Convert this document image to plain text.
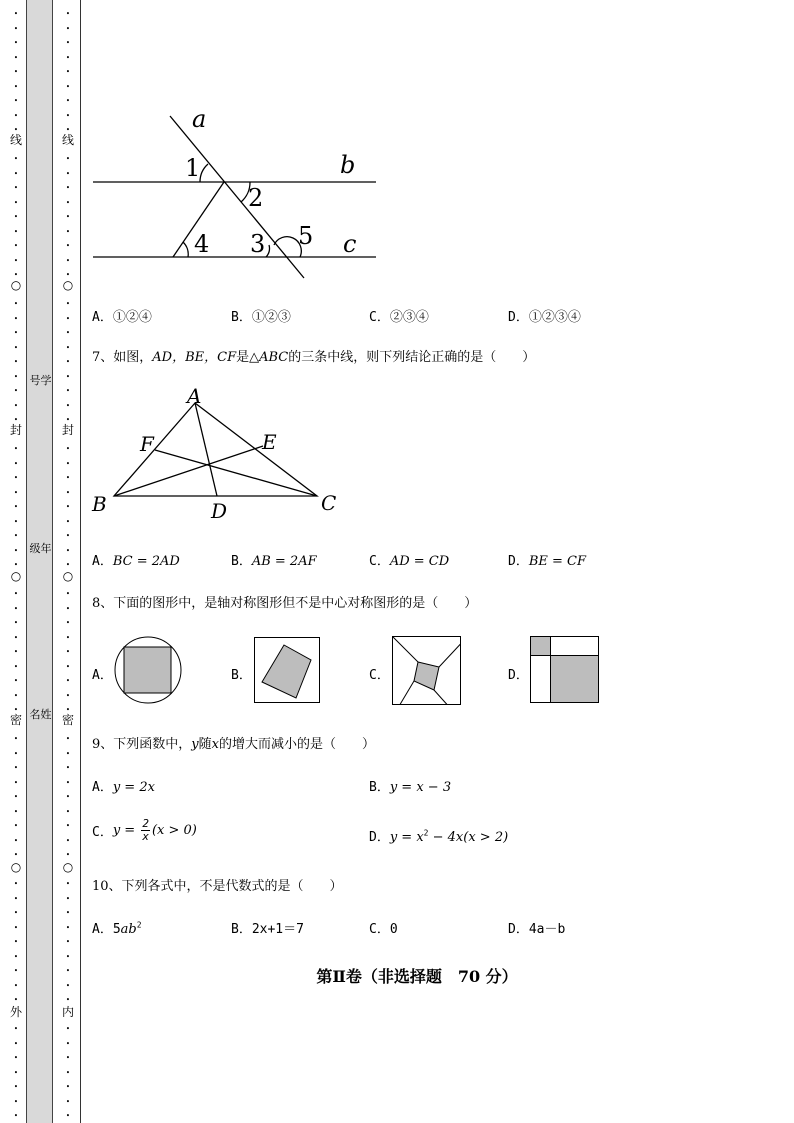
•
•
•
•
•
•
•
•
•
•
•
•
•
•
•
•
•
•
•
•
•
•
•
•
•
•
•
•
•
•
•
•
•
•
•
•
•
•
•
•
•
•
•
•
•
•
•
•
•
•
•
•
•
•
•
•
•
•
•
•
•
•
•
•
•
•
•
•
•
•
线
○
封
○
密
○
外
号学
级年
名姓
•
•
•
•
•
•
•
•
•
•
•
•
•
•
•
•
•
•
•
•
•
•
•
•
•
•
•
•
•
•
•
•
•
•
•
•
•
•
•
•
•
•
•
•
•
•
•
•
•
•
•
•
•
•
•
•
•
•
•
•
•
•
•
•
•
•
•
•
•
•
线
○
封
○
密
○
内
a
b
c
1
2
3
4	5
A．①②④	B．①②③	C．②③④	D．①②③④
7、如图，AD，BE，CF是△ABC的三条中线，则下列结论正确的是（　　）
A
B	C
D
E
F
A．BC = 2AD	B．AB = 2AF	C．AD = CD	D．BE = CF
8、下面的图形中，是轴对称图形但不是中心对称图形的是（　　）
A．	B．	C．	D．
9、下列函数中，y随x的增大而减小的是（　　）
A．y = 2x	B．y = x − 3
C．$y = \frac{2}{x} (x > 0)$	D．$y = x^2 - 4x(x > 2)$
10、下列各式中，不是代数式的是（　　）
A．$5ab^2$	B．2x+1＝7	C．0	D．4a－b
第Ⅱ卷（非选择题　70 分）
